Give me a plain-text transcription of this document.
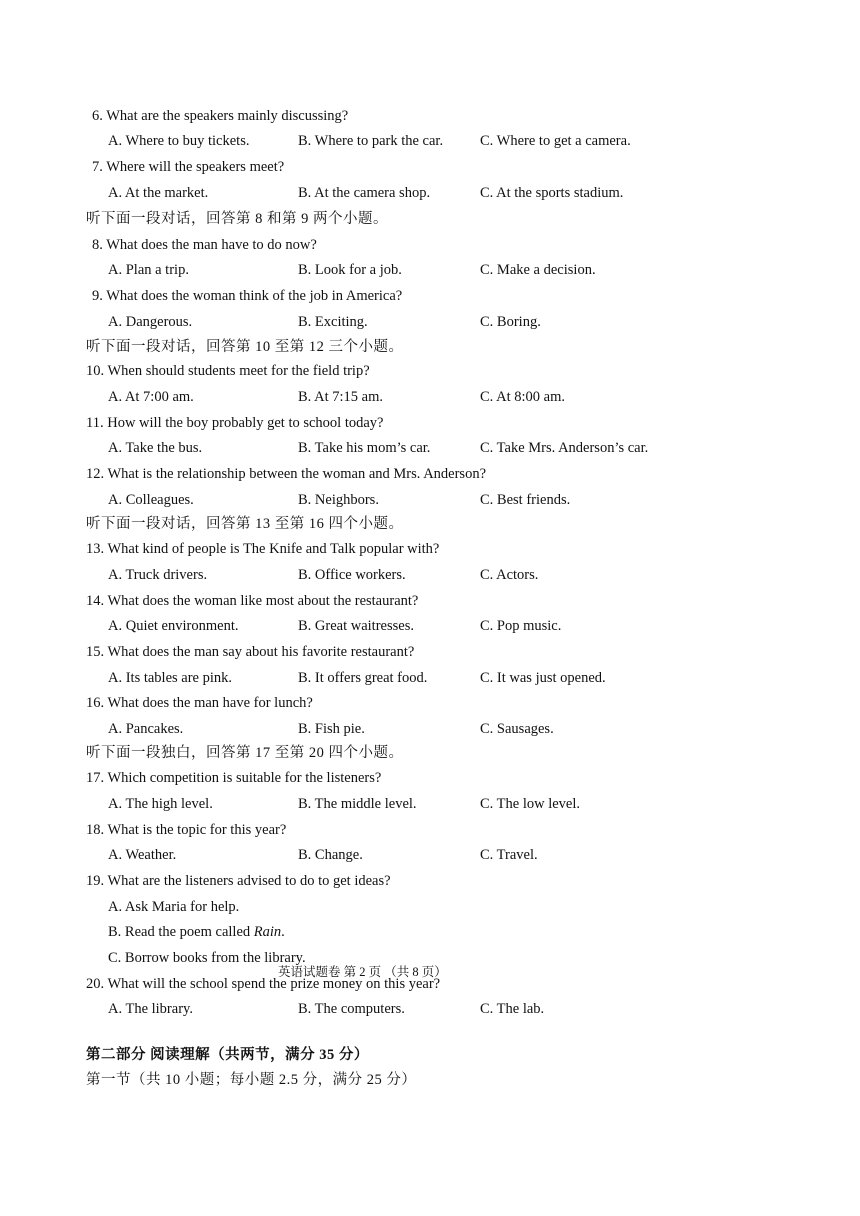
6. What are the speakers mainly discussing?
A. Where to buy tickets.	B. Where to park the car.	C. Where to get a camera.
7. Where will the speakers meet?
A. At the market.	B. At the camera shop.	C. At the sports stadium.
听下面一段对话，回答第 8 和第 9 两个小题。
8. What does the man have to do now?
A. Plan a trip.	B. Look for a job.	C. Make a decision.
9. What does the woman think of the job in America?
A. Dangerous.	B. Exciting.	C. Boring.
听下面一段对话，回答第 10 至第 12 三个小题。
10. When should students meet for the field trip?
A. At 7:00 am.	B. At 7:15 am.	C. At 8:00 am.
11. How will the boy probably get to school today?
A. Take the bus.	B. Take his mom’s car.	C. Take Mrs. Anderson’s car.
12. What is the relationship between the woman and Mrs. Anderson?
A. Colleagues.	B. Neighbors.	C. Best friends.
听下面一段对话，回答第 13 至第 16 四个小题。
13. What kind of people is The Knife and Talk popular with?
A. Truck drivers.	B. Office workers.	C. Actors.
14. What does the woman like most about the restaurant?
A. Quiet environment.	B. Great waitresses.	C. Pop music.
15. What does the man say about his favorite restaurant?
A. Its tables are pink.	B. It offers great food.	C. It was just opened.
16. What does the man have for lunch?
A. Pancakes.	B. Fish pie.	C. Sausages.
听下面一段独白，回答第 17 至第 20 四个小题。
17. Which competition is suitable for the listeners?
A. The high level.	B. The middle level.	C. The low level.
18. What is the topic for this year?
A. Weather.	B. Change.	C. Travel.
19. What are the listeners advised to do to get ideas?
A. Ask Maria for help.
B. Read the poem called Rain.
C. Borrow books from the library.
英语试题卷 第 2 页 （共 8 页）
20. What will the school spend the prize money on this year?
A. The library.	B. The computers.	C. The lab.
第二部分 阅读理解（共两节，满分 35 分）
第一节（共 10 小题；每小题 2.5 分，满分 25 分）
